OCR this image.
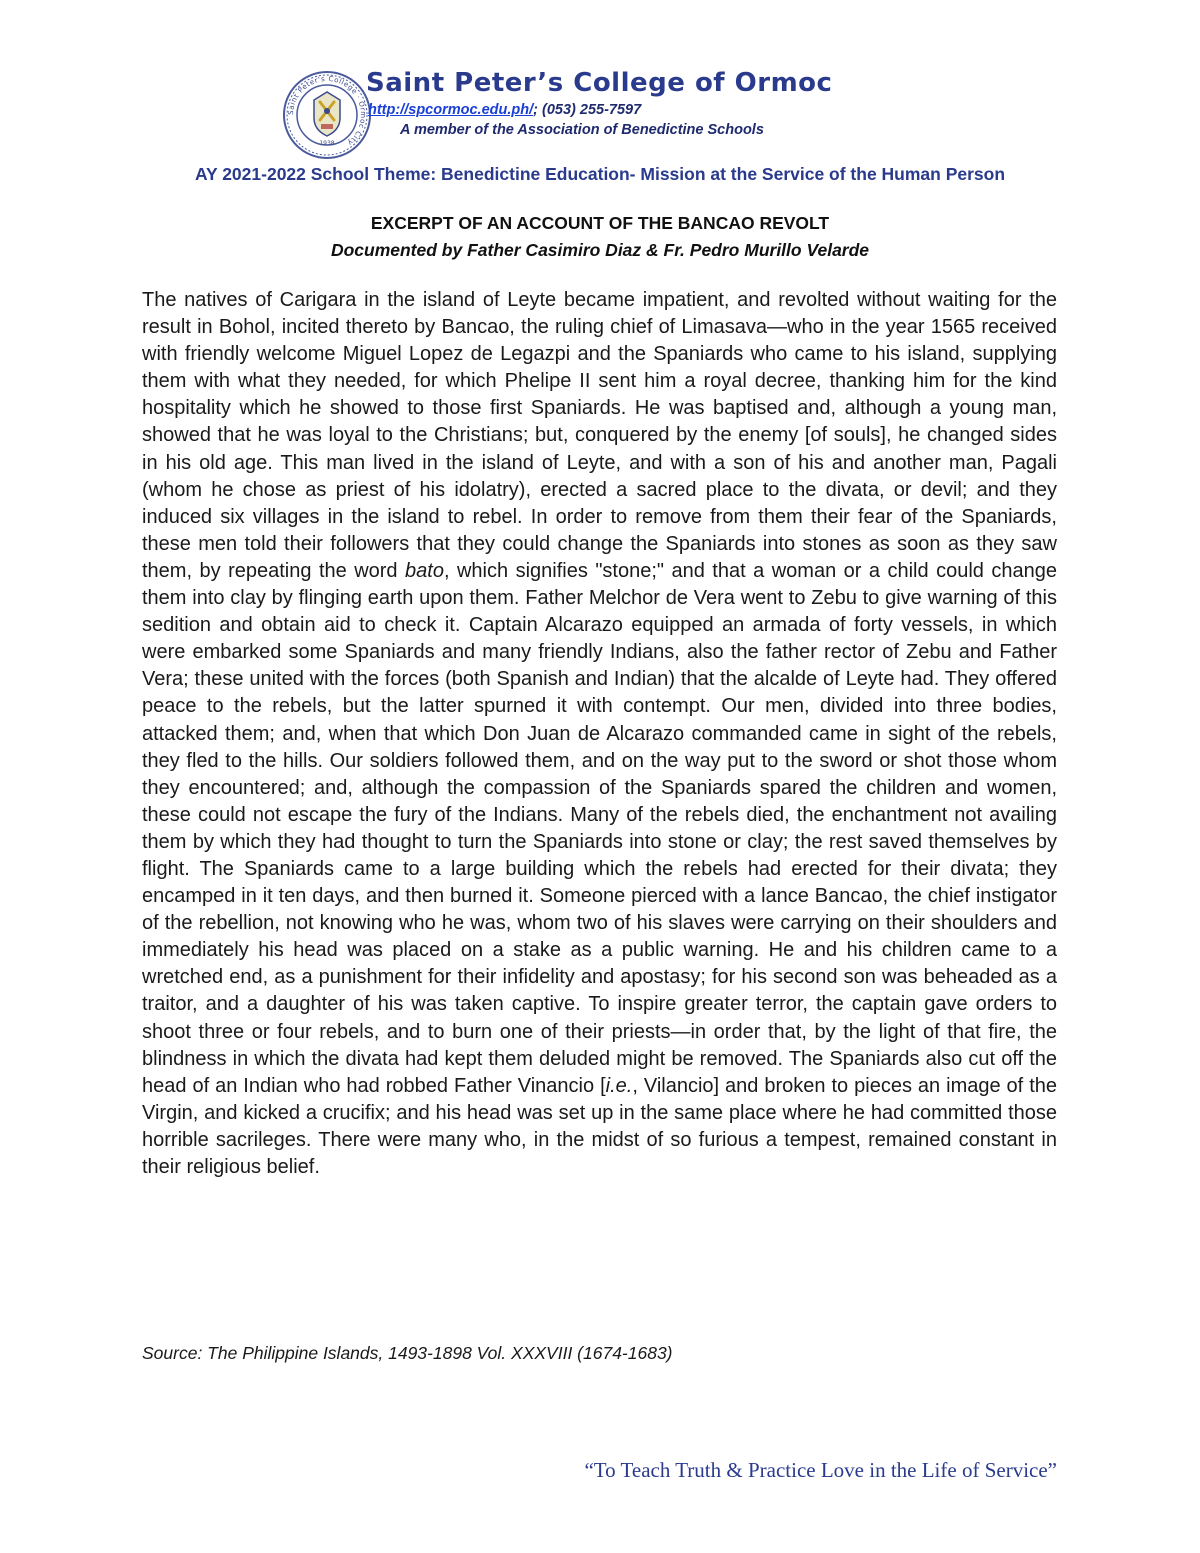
Saint Peter's College · Ormoc City
1938
Saint Peter’s College of Ormoc
http://spcormoc.edu.ph/; (053) 255-7597
A member of the Association of Benedictine Schools
AY 2021-2022 School Theme: Benedictine Education- Mission at the Service of the Human Person
EXCERPT OF AN ACCOUNT OF THE BANCAO REVOLT
Documented by Father Casimiro Diaz & Fr. Pedro Murillo Velarde

The natives of Carigara in the island of Leyte became impatient, and revolted without waiting for the result in Bohol, incited thereto by Bancao, the ruling chief of Limasava—who in the year 1565 received with friendly welcome Miguel Lopez de Legazpi and the Spaniards who came to his island, supplying them with what they needed, for which Phelipe II sent him a royal decree, thanking him for the kind hospitality which he showed to those first Spaniards. He was baptised and, although a young man, showed that he was loyal to the Christians; but, conquered by the enemy [of souls], he changed sides in his old age. This man lived in the island of Leyte, and with a son of his and another man, Pagali (whom he chose as priest of his idolatry), erected a sacred place to the divata, or devil; and they induced six villages in the island to rebel. In order to remove from them their fear of the Spaniards, these men told their followers that they could change the Spaniards into stones as soon as they saw them, by repeating the word bato, which signifies "stone;" and that a woman or a child could change them into clay by flinging earth upon them. Father Melchor de Vera went to Zebu to give warning of this sedition and obtain aid to check it. Captain Alcarazo equipped an armada of forty vessels, in which were embarked some Spaniards and many friendly Indians, also the father rector of Zebu and Father Vera; these united with the forces (both Spanish and Indian) that the alcalde of Leyte had. They offered peace to the rebels, but the latter spurned it with contempt. Our men, divided into three bodies, attacked them; and, when that which Don Juan de Alcarazo commanded came in sight of the rebels, they fled to the hills. Our soldiers followed them, and on the way put to the sword or shot those whom they encountered; and, although the compassion of the Spaniards spared the children and women, these could not escape the fury of the Indians. Many of the rebels died, the enchantment not availing them by which they had thought to turn the Spaniards into stone or clay; the rest saved themselves by flight. The Spaniards came to a large building which the rebels had erected for their divata; they encamped in it ten days, and then burned it. Someone pierced with a lance Bancao, the chief instigator of the rebellion, not knowing who he was, whom two of his slaves were carrying on their shoulders and immediately his head was placed on a stake as a public warning. He and his children came to a wretched end, as a punishment for their infidelity and apostasy; for his second son was beheaded as a traitor, and a daughter of his was taken captive. To inspire greater terror, the captain gave orders to shoot three or four rebels, and to burn one of their priests—in order that, by the light of that fire, the blindness in which the divata had kept them deluded might be removed. The Spaniards also cut off the head of an Indian who had robbed Father Vinancio [i.e., Vilancio] and broken to pieces an image of the Virgin, and kicked a crucifix; and his head was set up in the same place where he had committed those horrible sacrileges. There were many who, in the midst of so furious a tempest, remained constant in their religious belief.

Source: The Philippine Islands, 1493-1898 Vol. XXXVIII (1674-1683)
“To Teach Truth & Practice Love in the Life of Service”
